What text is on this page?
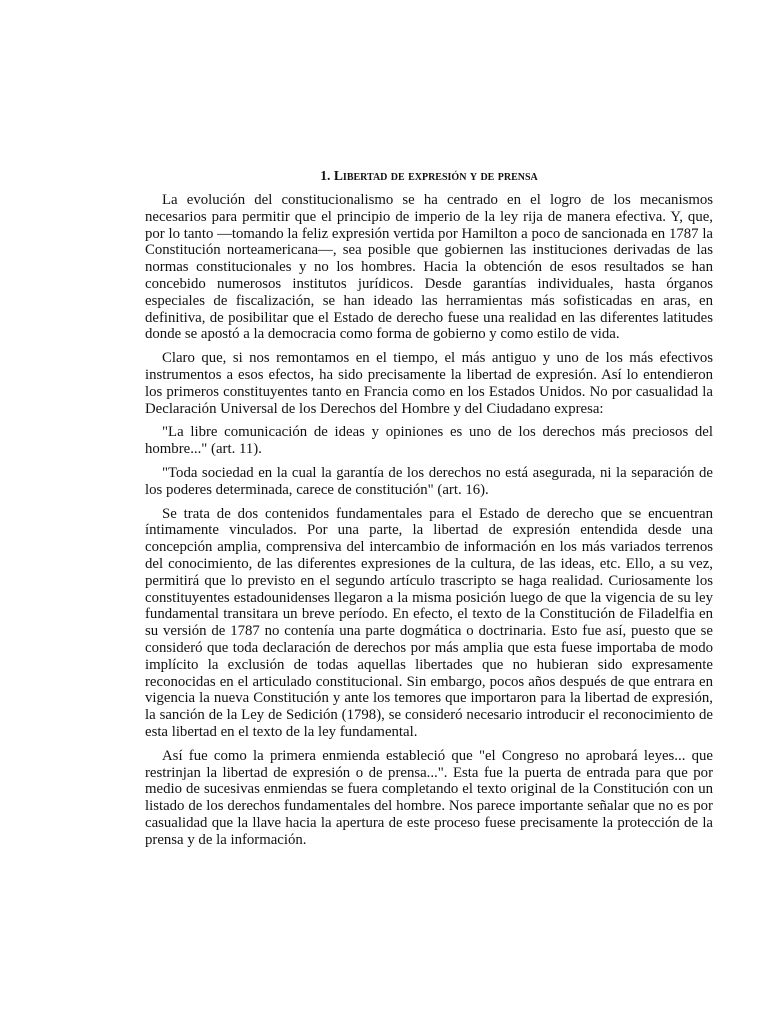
1. Libertad de expresión y de prensa

La evolución del constitucionalismo se ha centrado en el logro de los mecanismos necesarios para permitir que el principio de imperio de la ley rija de manera efectiva. Y, que, por lo tanto —tomando la feliz expresión vertida por Hamilton a poco de sancionada en 1787 la Constitución norteamericana—, sea posible que gobiernen las instituciones derivadas de las normas constitucionales y no los hombres. Hacia la obtención de esos resultados se han concebido numerosos institutos jurídicos. Desde garantías individuales, hasta órganos especiales de fiscalización, se han ideado las herramientas más sofisticadas en aras, en definitiva, de posibilitar que el Estado de derecho fuese una realidad en las diferentes latitudes donde se apostó a la democracia como forma de gobierno y como estilo de vida.

Claro que, si nos remontamos en el tiempo, el más antiguo y uno de los más efectivos instrumentos a esos efectos, ha sido precisamente la libertad de expresión. Así lo entendieron los primeros constituyentes tanto en Francia como en los Estados Unidos. No por casualidad la Declaración Universal de los Derechos del Hombre y del Ciudadano expresa:

"La libre comunicación de ideas y opiniones es uno de los derechos más preciosos del hombre..." (art. 11).

"Toda sociedad en la cual la garantía de los derechos no está asegurada, ni la separación de los poderes determinada, carece de constitución" (art. 16).

Se trata de dos contenidos fundamentales para el Estado de derecho que se encuentran íntimamente vinculados. Por una parte, la libertad de expresión entendida desde una concepción amplia, comprensiva del intercambio de información en los más variados terrenos del conocimiento, de las diferentes expresiones de la cultura, de las ideas, etc. Ello, a su vez, permitirá que lo previsto en el segundo artículo trascripto se haga realidad. Curiosamente los constituyentes estadounidenses llegaron a la misma posición luego de que la vigencia de su ley fundamental transitara un breve período. En efecto, el texto de la Constitución de Filadelfia en su versión de 1787 no contenía una parte dogmática o doctrinaria. Esto fue así, puesto que se consideró que toda declaración de derechos por más amplia que esta fuese importaba de modo implícito la exclusión de todas aquellas libertades que no hubieran sido expresamente reconocidas en el articulado constitucional. Sin embargo, pocos años después de que entrara en vigencia la nueva Constitución y ante los temores que importaron para la libertad de expresión, la sanción de la Ley de Sedición (1798), se consideró necesario introducir el reconocimiento de esta libertad en el texto de la ley fundamental.

Así fue como la primera enmienda estableció que "el Congreso no aprobará leyes... que restrinjan la libertad de expresión o de prensa...". Esta fue la puerta de entrada para que por medio de sucesivas enmiendas se fuera completando el texto original de la Constitución con un listado de los derechos fundamentales del hombre. Nos parece importante señalar que no es por casualidad que la llave hacia la apertura de este proceso fuese precisamente la protección de la prensa y de la información.
